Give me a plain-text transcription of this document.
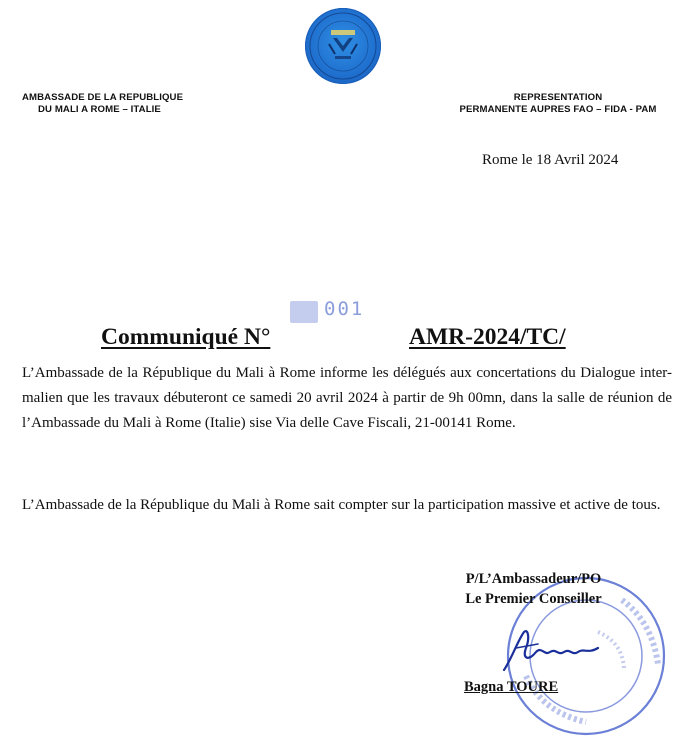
AMBASSADE DE LA REPUBLIQUE
DU MALI A ROME – ITALIE
REPRESENTATION
PERMANENTE AUPRES FAO – FIDA - PAM
Rome le 18 Avril 2024
001
Communiqué N°	AMR-2024/TC/
L’Ambassade de la République du Mali à Rome informe les délégués aux concertations du Dialogue inter-malien que les travaux débuteront ce samedi 20 avril 2024 à partir de 9h 00mn, dans la salle de réunion de l’Ambassade du Mali à Rome (Italie) sise Via delle Cave Fiscali, 21-00141 Rome.
L’Ambassade de la République du Mali à Rome sait compter sur la participation massive et active de tous.
P/L’Ambassadeur/PO
Le Premier Conseiller
Bagna TOURE
